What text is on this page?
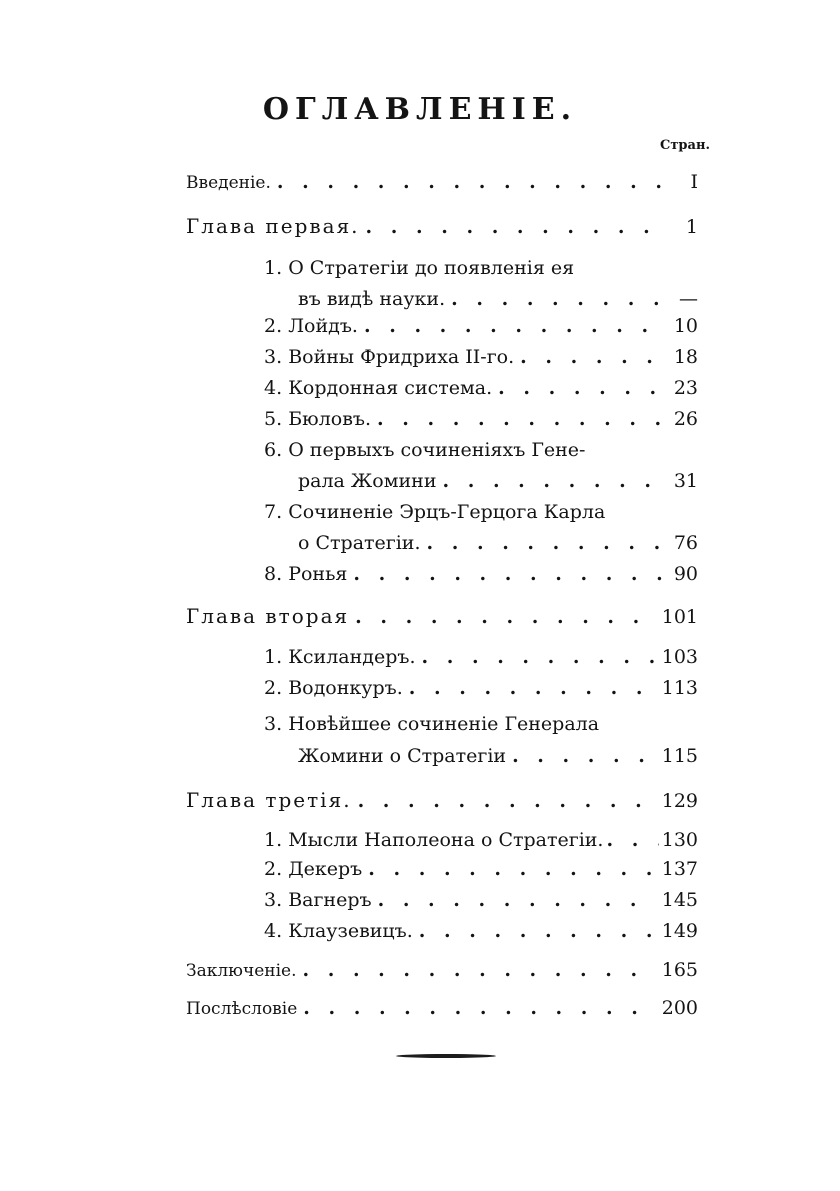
ОГЛАВЛЕНIЕ.
Стран.
Введенiе. . . .	I
Глава первая. . . .	1
1. О Стратегiи до появленiя ея
въ видѣ науки. . . .	—
2. Лойдъ. . . .	10
3. Войны Фридриха II-го. . . .	18
4. Кордонная система. . . .	23
5. Бюловъ. . . .	26
6. О первыхъ сочиненiяхъ Гене-
рала Жомини . . .	31
7. Сочиненiе Эрцъ-Герцога Карла
о Стратегiи. . . .	76
8. Ронья . . .	90
Глава вторая . . .	101
1. Ксиландеръ. . . .	103
2. Водонкуръ. . . .	113
3. Новѣйшее сочиненiе Генерала
Жомини о Стратегiи . . .	115
Глава третiя. . . .	129
1. Мысли Наполеона о Стратегiи. . . .	130
2. Декеръ . . .	137
3. Вагнеръ . . .	145
4. Клаузевицъ. . . .	149
Заключенiе. . . .	165
Послѣсловiе . . .	200
